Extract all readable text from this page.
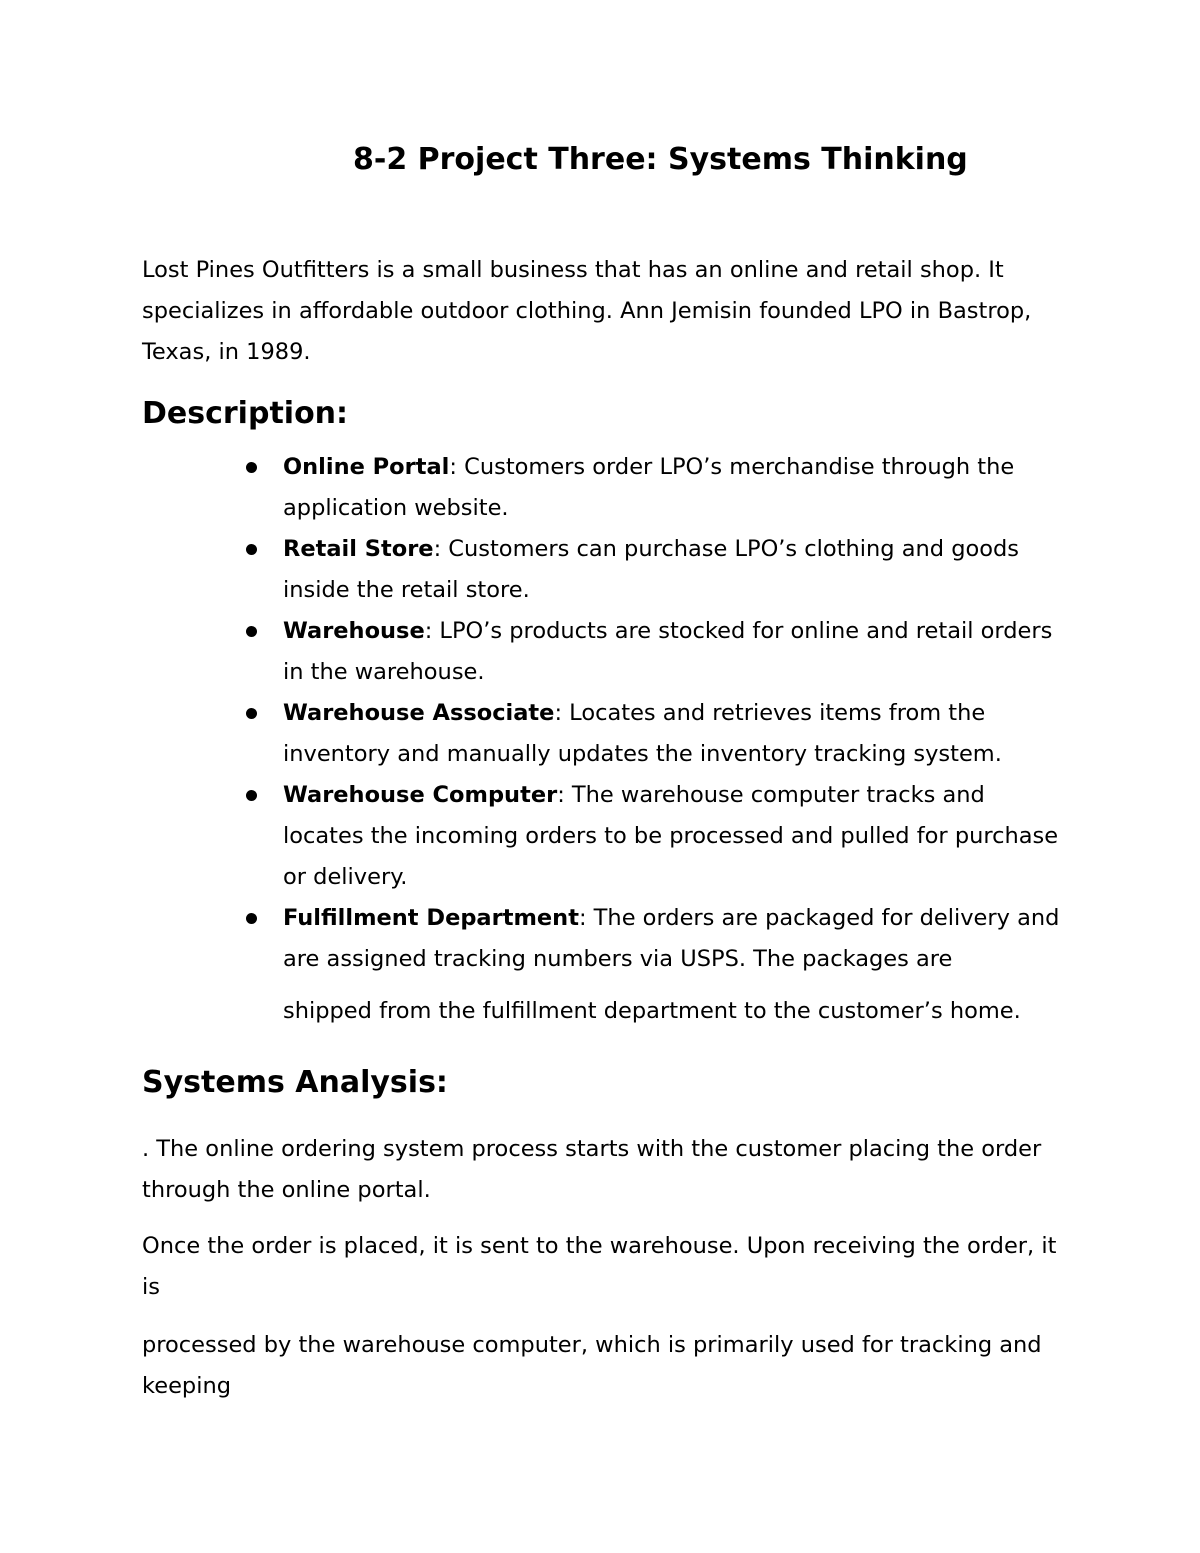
8-2 Project Three: Systems Thinking

Lost Pines Outfitters is a small business that has an online and retail shop. It specializes in affordable outdoor clothing. Ann Jemisin founded LPO in Bastrop, Texas, in 1989.

Description:
Online Portal: Customers order LPO’s merchandise through the application website.
Retail Store: Customers can purchase LPO’s clothing and goods inside the retail store.
Warehouse: LPO’s products are stocked for online and retail orders in the warehouse.
Warehouse Associate: Locates and retrieves items from the inventory and manually updates the inventory tracking system.
Warehouse Computer: The warehouse computer tracks and locates the incoming orders to be processed and pulled for purchase or delivery.
Fulfillment Department: The orders are packaged for delivery and are assigned tracking numbers via USPS. The packages are
shipped from the fulfillment department to the customer’s home.
Systems Analysis:

. The online ordering system process starts with the customer placing the order through the online portal.

Once the order is placed, it is sent to the warehouse. Upon receiving the order, it is

processed by the warehouse computer, which is primarily used for tracking and keeping
